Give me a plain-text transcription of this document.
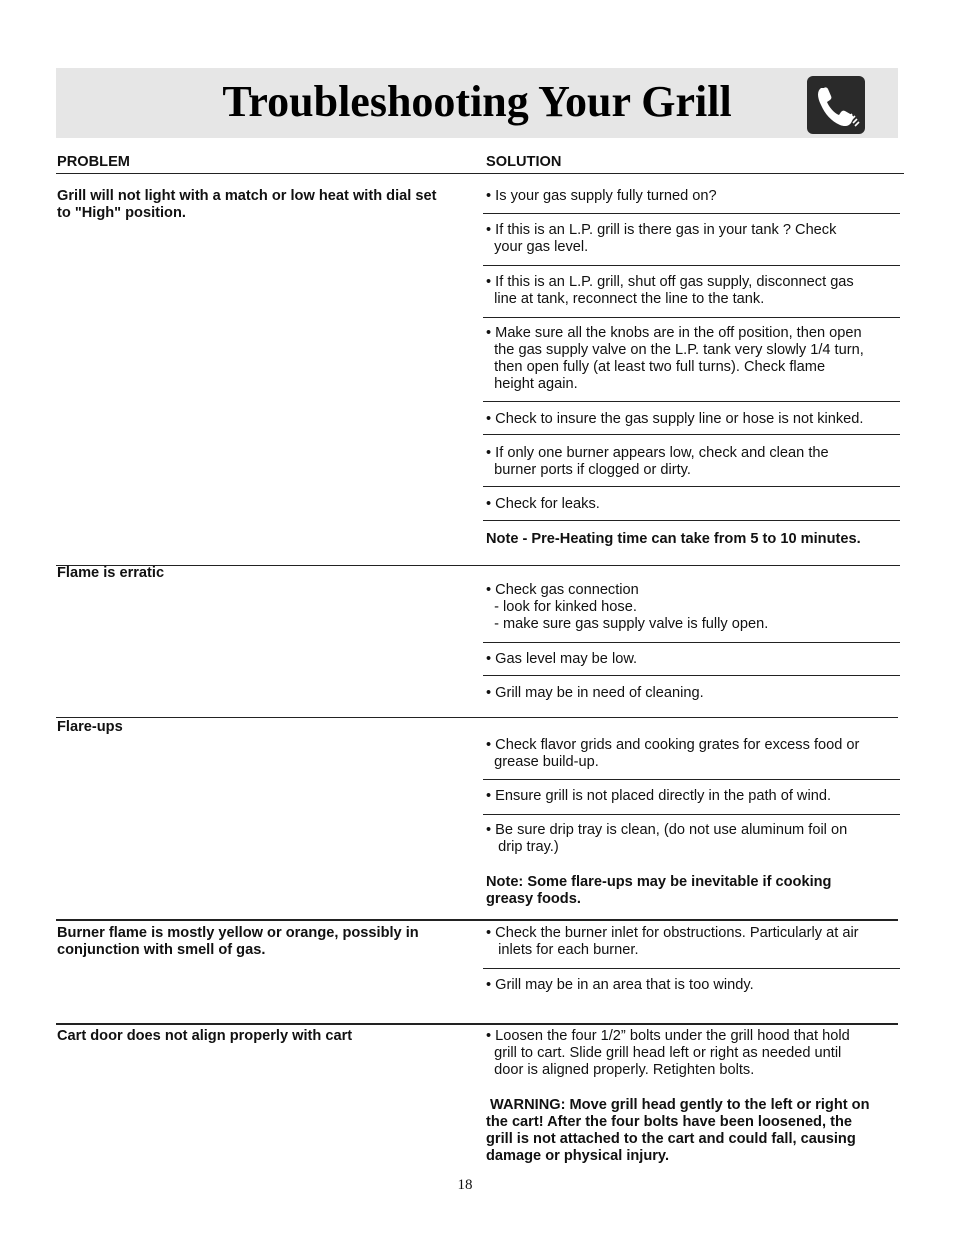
Troubleshooting Your Grill
PROBLEM	SOLUTION
Grill will not light with a match or low heat with dial set
to "High" position.
• Is your gas supply fully turned on?
• If this is an L.P. grill is there gas in your tank ? Check
your gas level.
• If this is an L.P. grill, shut off gas supply, disconnect gas
line at tank, reconnect the line to the tank.
• Make sure all the knobs are in the off position, then open
the gas supply valve on the L.P. tank very slowly 1/4 turn,
then open fully (at least two full turns). Check flame
height again.
• Check to insure the gas supply line or hose is not kinked.
• If only one burner appears low, check and clean the
burner ports if clogged or dirty.
• Check for leaks.
Note - Pre-Heating time can take from 5 to 10 minutes.
Flame is erratic
• Check gas connection
- look for kinked hose.
- make sure gas supply valve is fully open.
• Gas level may be low.
• Grill may be in need of cleaning.
Flare-ups
• Check flavor grids and cooking grates for excess food or
grease build-up.
• Ensure grill is not placed directly in the path of wind.
• Be sure drip tray is clean, (do not use aluminum foil on
drip tray.)
Note: Some flare-ups may be inevitable if cooking
greasy foods.
Burner flame is mostly yellow or orange, possibly in
conjunction with smell of gas.
• Check the burner inlet for obstructions. Particularly at air
inlets for each burner.
• Grill may be in an area that is too windy.
Cart door does not align properly with cart	• Loosen the four 1/2” bolts under the grill hood that hold
grill to cart. Slide grill head left or right as needed until
door is aligned properly. Retighten bolts.
WARNING: Move grill head gently to the left or right on
the cart! After the four bolts have been loosened, the
grill is not attached to the cart and could fall, causing
damage or physical injury.
18
